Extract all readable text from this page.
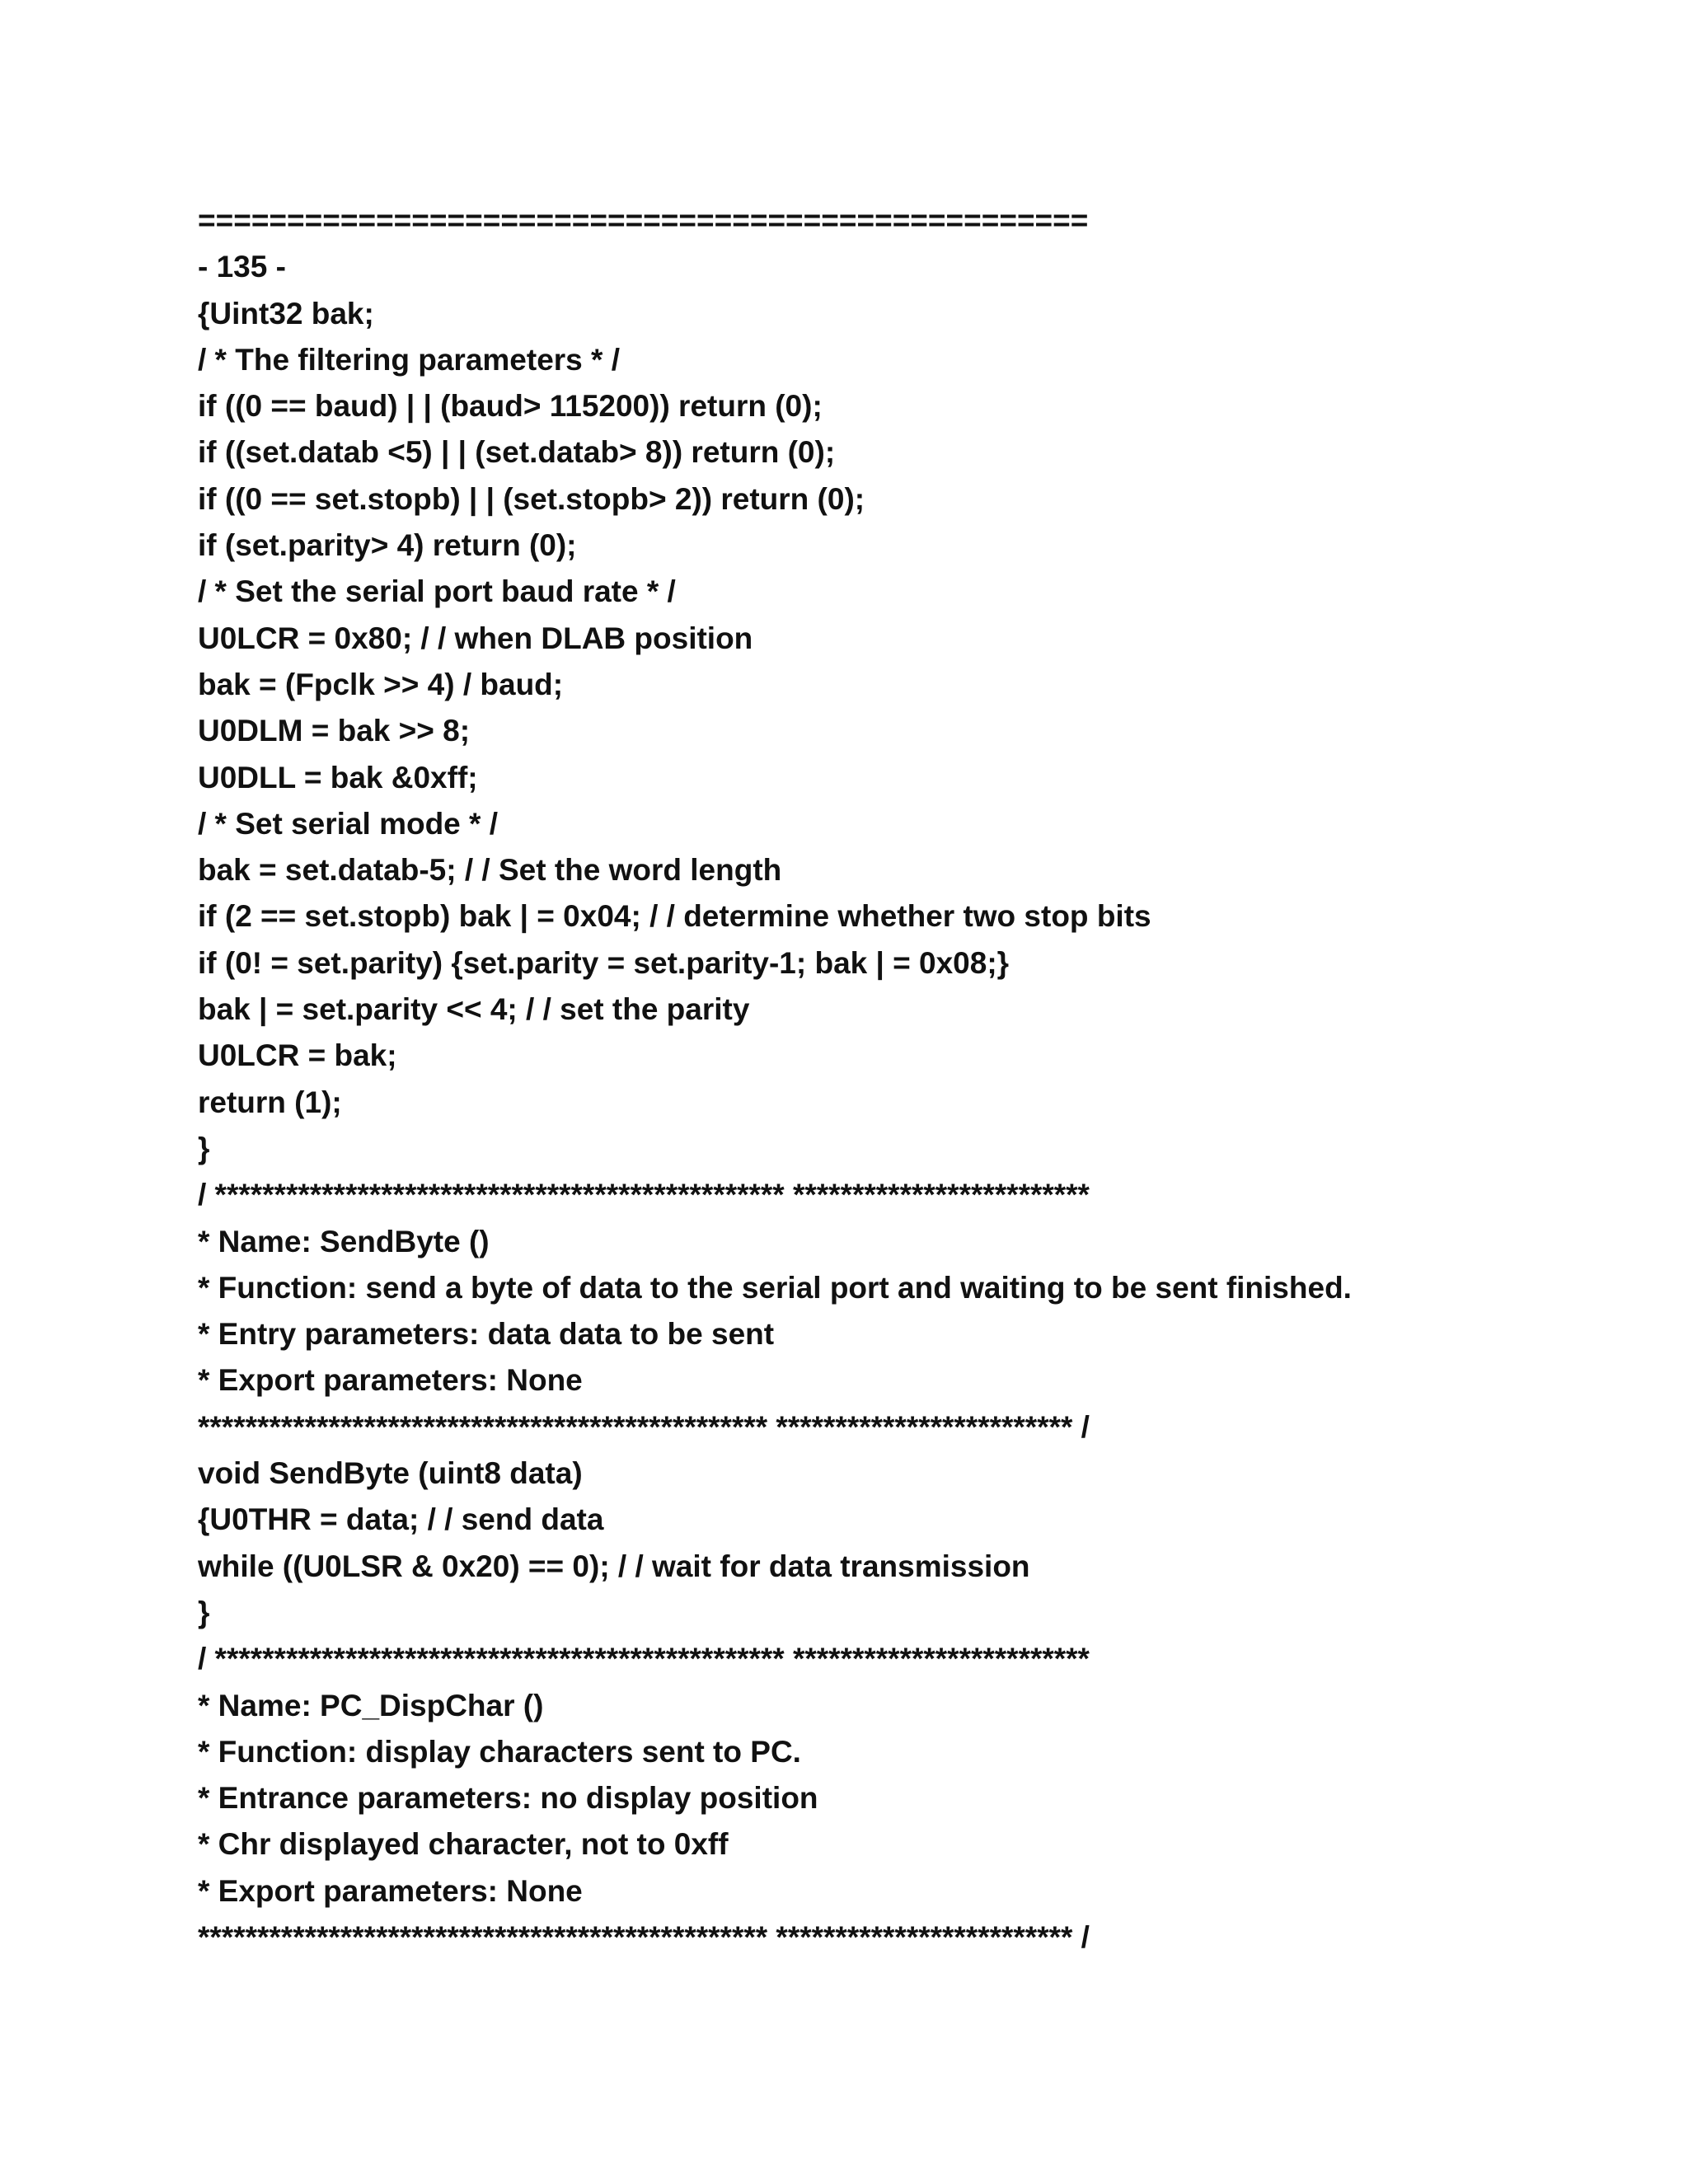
==================================================
- 135 -
{Uint32 bak;
/ * The filtering parameters * /
if ((0 == baud) | | (baud> 115200)) return (0);
if ((set.datab <5) | | (set.datab> 8)) return (0);
if ((0 == set.stopb) | | (set.stopb> 2)) return (0);
if (set.parity> 4) return (0);
/ * Set the serial port baud rate * /
U0LCR = 0x80; / / when DLAB position
bak = (Fpclk >> 4) / baud;
U0DLM = bak >> 8;
U0DLL = bak &0xff;
/ * Set serial mode * /
bak = set.datab-5; / / Set the word length
if (2 == set.stopb) bak | = 0x04; / / determine whether two stop bits
if (0! = set.parity) {set.parity = set.parity-1; bak | = 0x08;}
bak | = set.parity << 4; / / set the parity
U0LCR = bak;
return (1);
}
/ ************************************************ *************************
* Name: SendByte ()
* Function: send a byte of data to the serial port and waiting to be sent finished.
* Entry parameters: data data to be sent
* Export parameters: None
************************************************ ************************* /
void SendByte (uint8 data)
{U0THR = data; / / send data
while ((U0LSR & 0x20) == 0); / / wait for data transmission
}
/ ************************************************ *************************
* Name: PC_DispChar ()
* Function: display characters sent to PC.
* Entrance parameters: no display position
* Chr displayed character, not to 0xff
* Export parameters: None
************************************************ ************************* /
